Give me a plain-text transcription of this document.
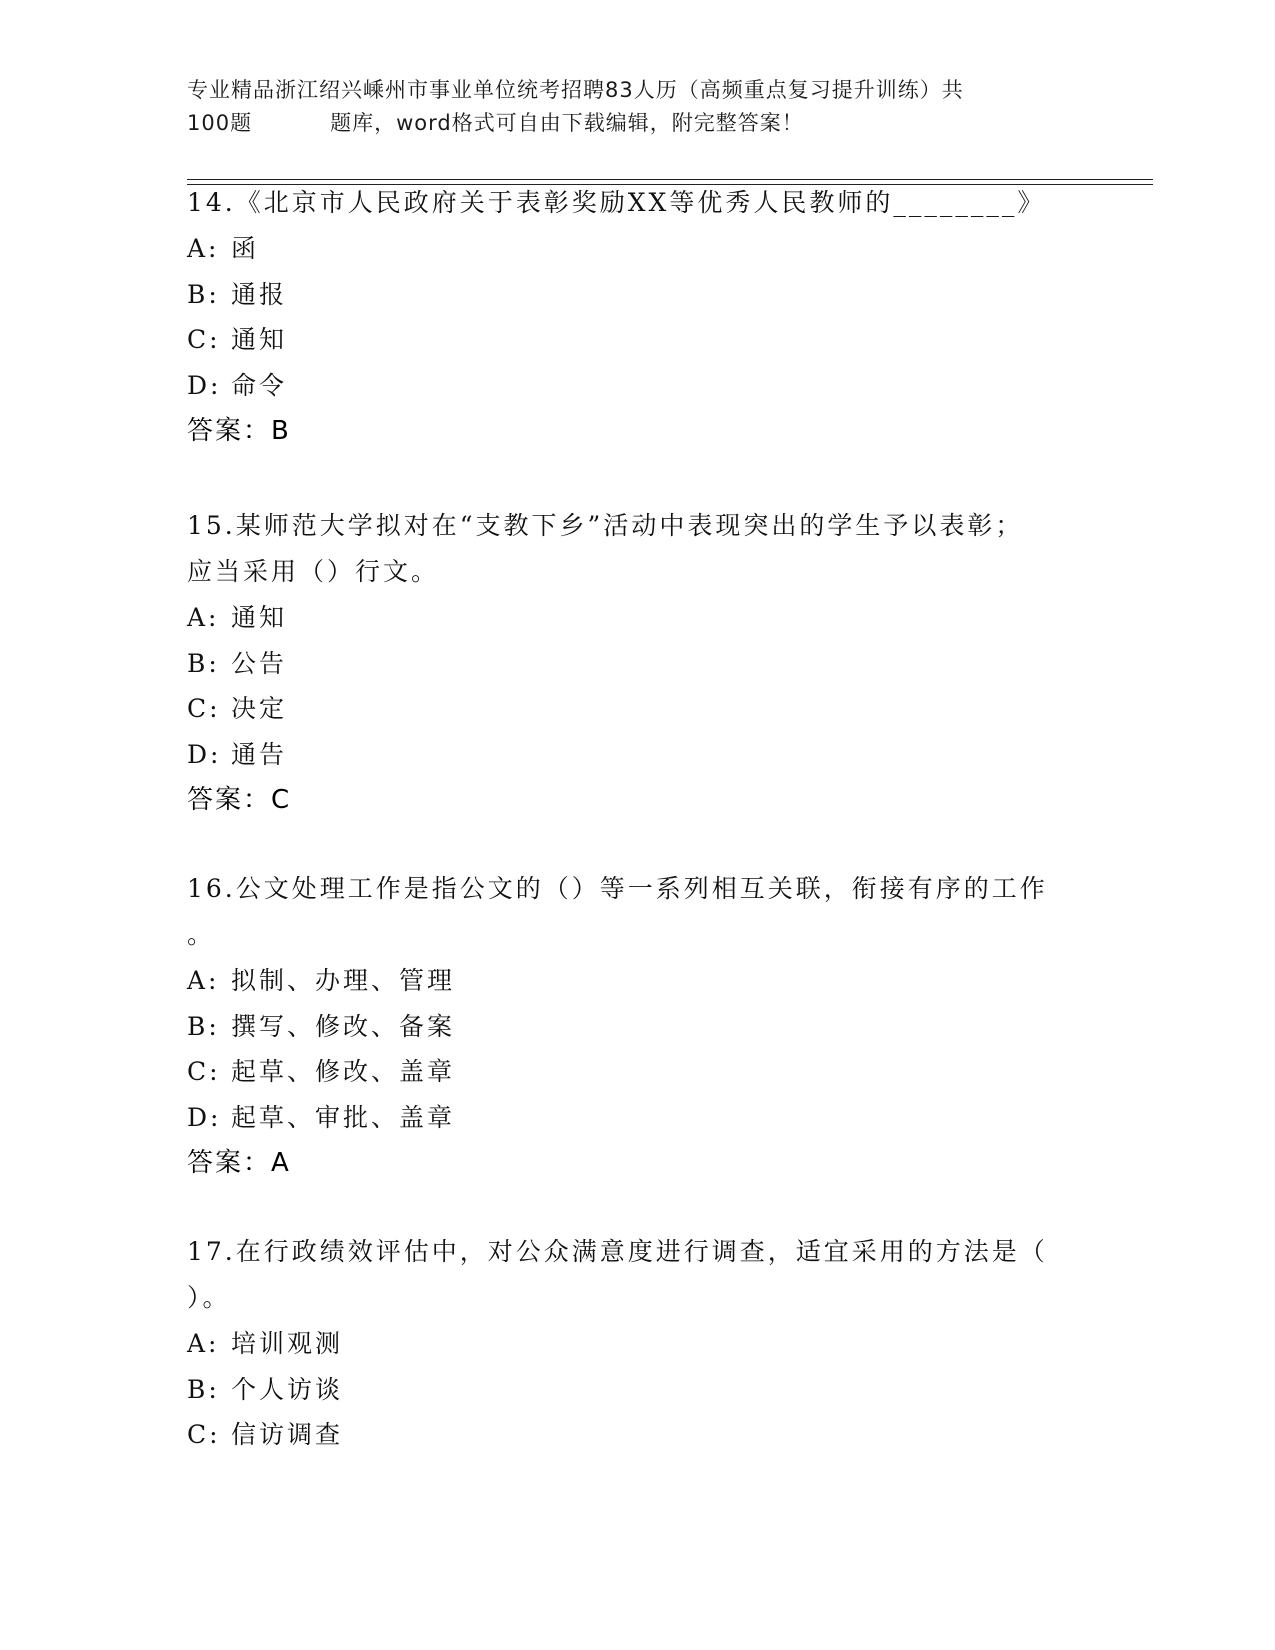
专业精品浙江绍兴嵊州市事业单位统考招聘83人历（高频重点复习提升训练）共
100题	题库，word格式可自由下载编辑，附完整答案！
14.《北京市人民政府关于表彰奖励XX等优秀人民教师的________》
A: 函
B: 通报
C: 通知
D: 命令
答案：B
15.某师范大学拟对在“支教下乡”活动中表现突出的学生予以表彰；
应当采用（）行文。
A: 通知
B: 公告
C: 决定
D: 通告
答案：C
16.公文处理工作是指公文的（）等一系列相互关联，衔接有序的工作
。
A: 拟制、办理、管理
B: 撰写、修改、备案
C: 起草、修改、盖章
D: 起草、审批、盖章
答案：A
17.在行政绩效评估中，对公众满意度进行调查，适宜采用的方法是（
）。
A: 培训观测
B: 个人访谈
C: 信访调查
